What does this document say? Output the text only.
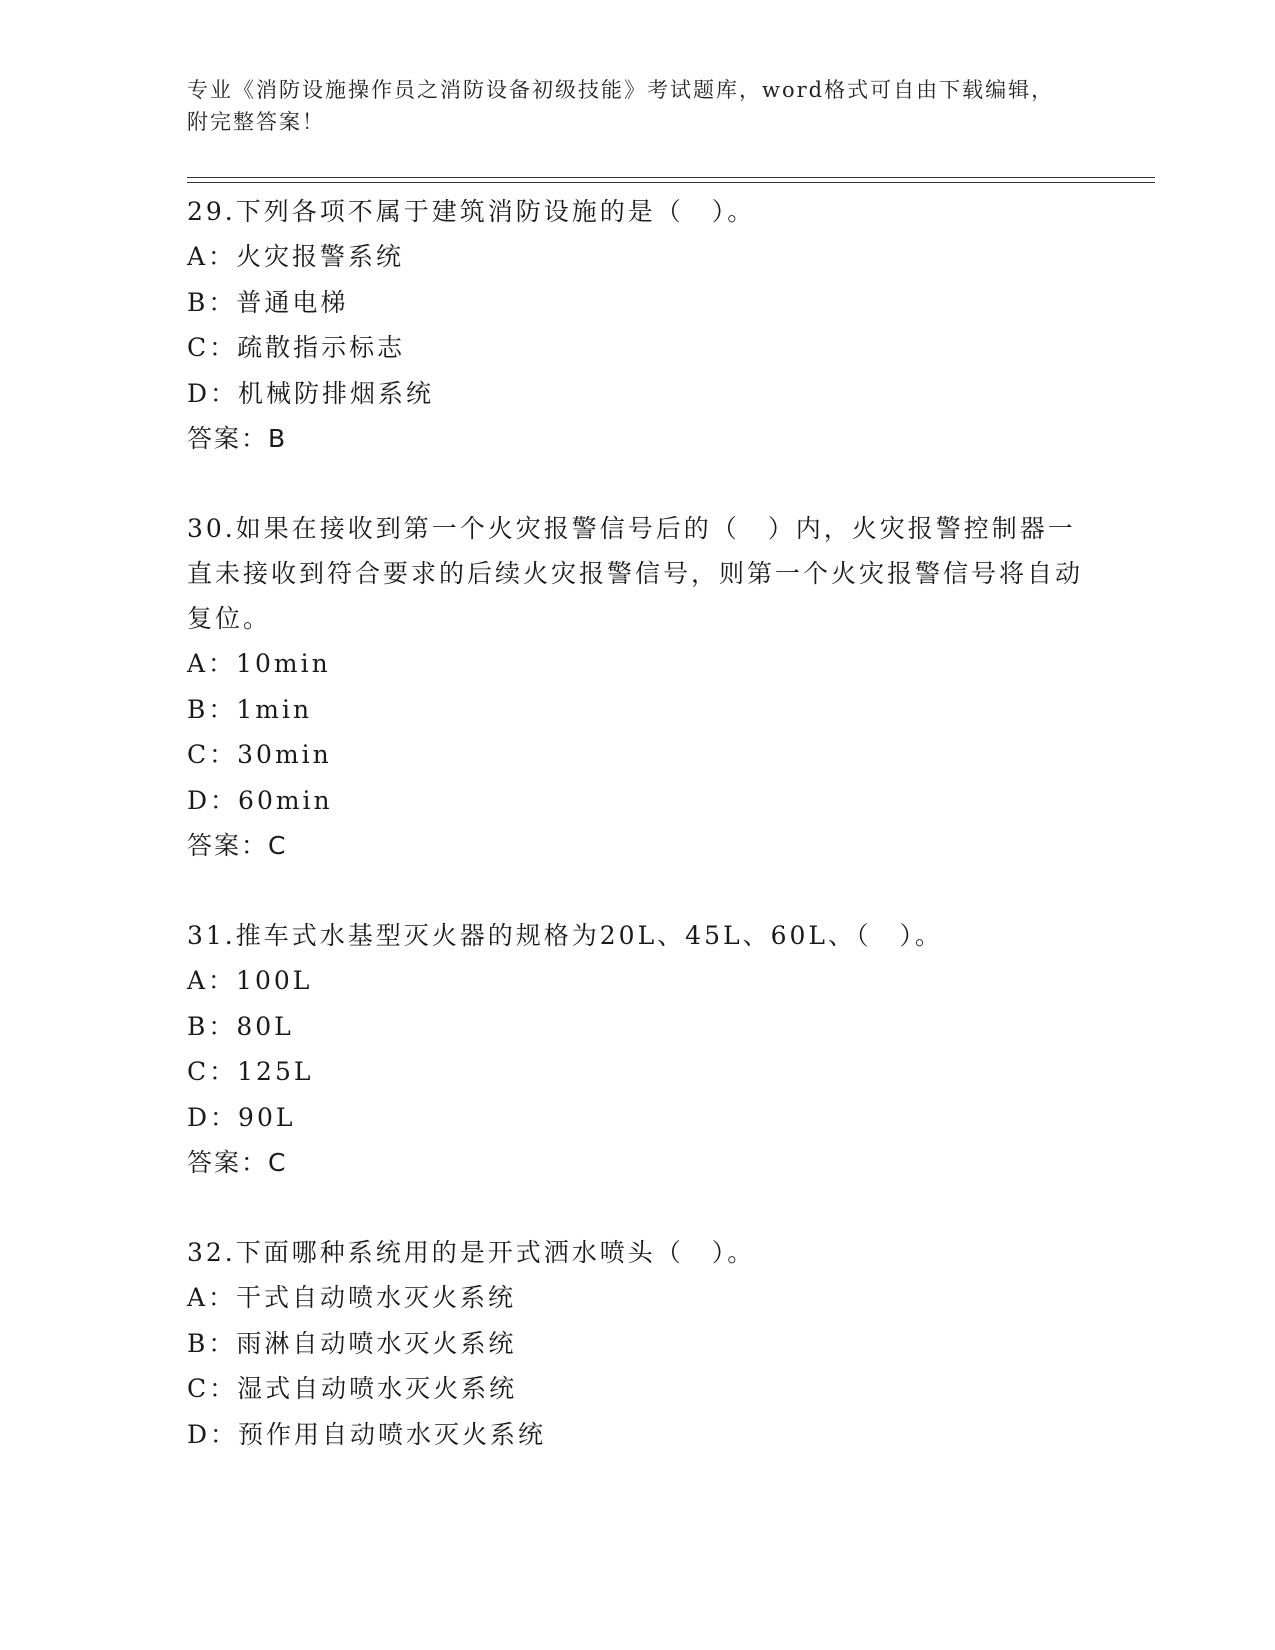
专业《消防设施操作员之消防设备初级技能》考试题库，word格式可自由下载编辑，附完整答案！

29.下列各项不属于建筑消防设施的是（　）。

A：火灾报警系统

B：普通电梯

C：疏散指示标志

D：机械防排烟系统

答案：B

30.如果在接收到第一个火灾报警信号后的（　）内，火灾报警控制器一直未接收到符合要求的后续火灾报警信号，则第一个火灾报警信号将自动复位。

A：10min

B：1min

C：30min

D：60min

答案：C

31.推车式水基型灭火器的规格为20L、45L、60L、（　）。

A：100L

B：80L

C：125L

D：90L

答案：C

32.下面哪种系统用的是开式洒水喷头（　）。

A：干式自动喷水灭火系统

B：雨淋自动喷水灭火系统

C：湿式自动喷水灭火系统

D：预作用自动喷水灭火系统
